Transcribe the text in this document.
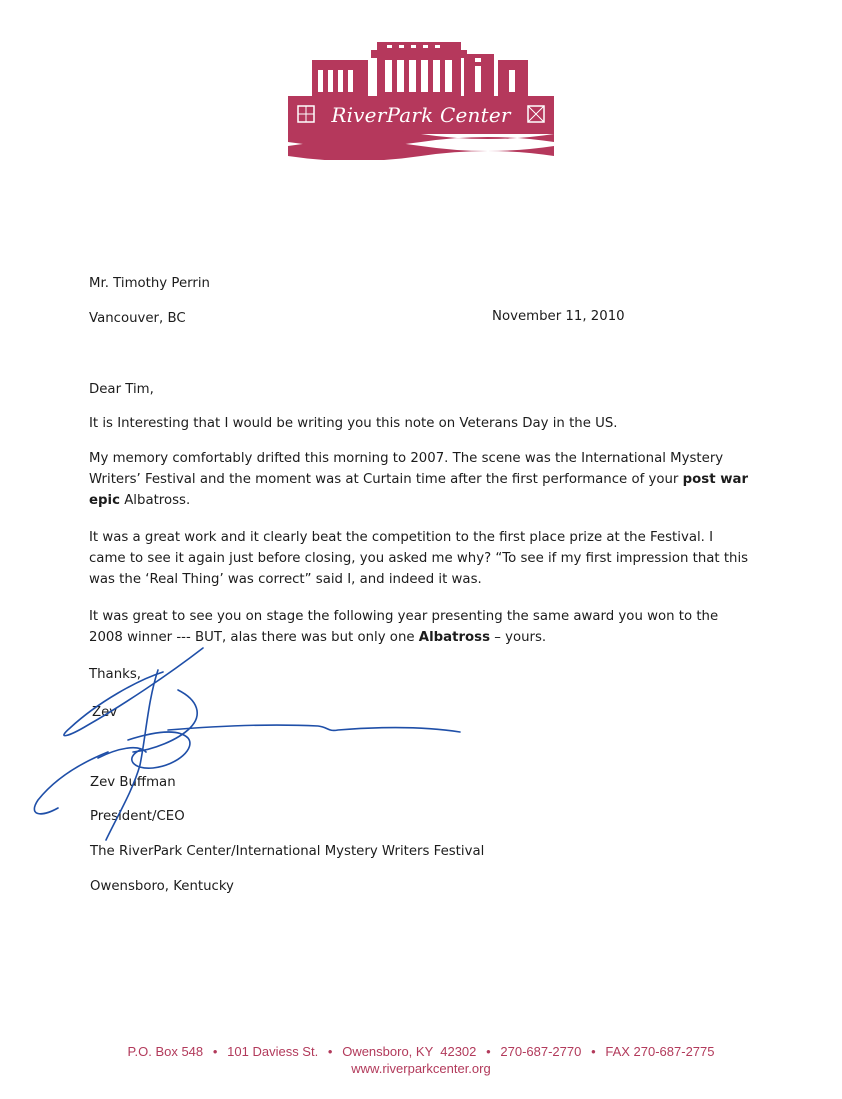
RiverPark Center
Mr. Timothy Perrin
Vancouver, BC	November 11, 2010
Dear Tim,
It is Interesting that I would be writing you this note on Veterans Day in the US.
My memory comfortably drifted this morning to 2007. The scene was the International Mystery Writers’ Festival and the moment was at Curtain time after the first performance of your post war epic Albatross.
It was a great work and it clearly beat the competition to the first place prize at the Festival. I came to see it again just before closing, you asked me why? “To see if my first impression that this was the ‘Real Thing’ was correct” said I, and indeed it was.
It was great to see you on stage the following year presenting the same award you won to the 2008 winner --- BUT, alas there was but only one Albatross – yours.
Thanks,
Zev
Zev Buffman
President/CEO
The RiverPark Center/International Mystery Writers Festival
Owensboro, Kentucky
P.O. Box 548 • 101 Daviess St. • Owensboro, KY  42302 • 270-687-2770 • FAX 270-687-2775
www.riverparkcenter.org
